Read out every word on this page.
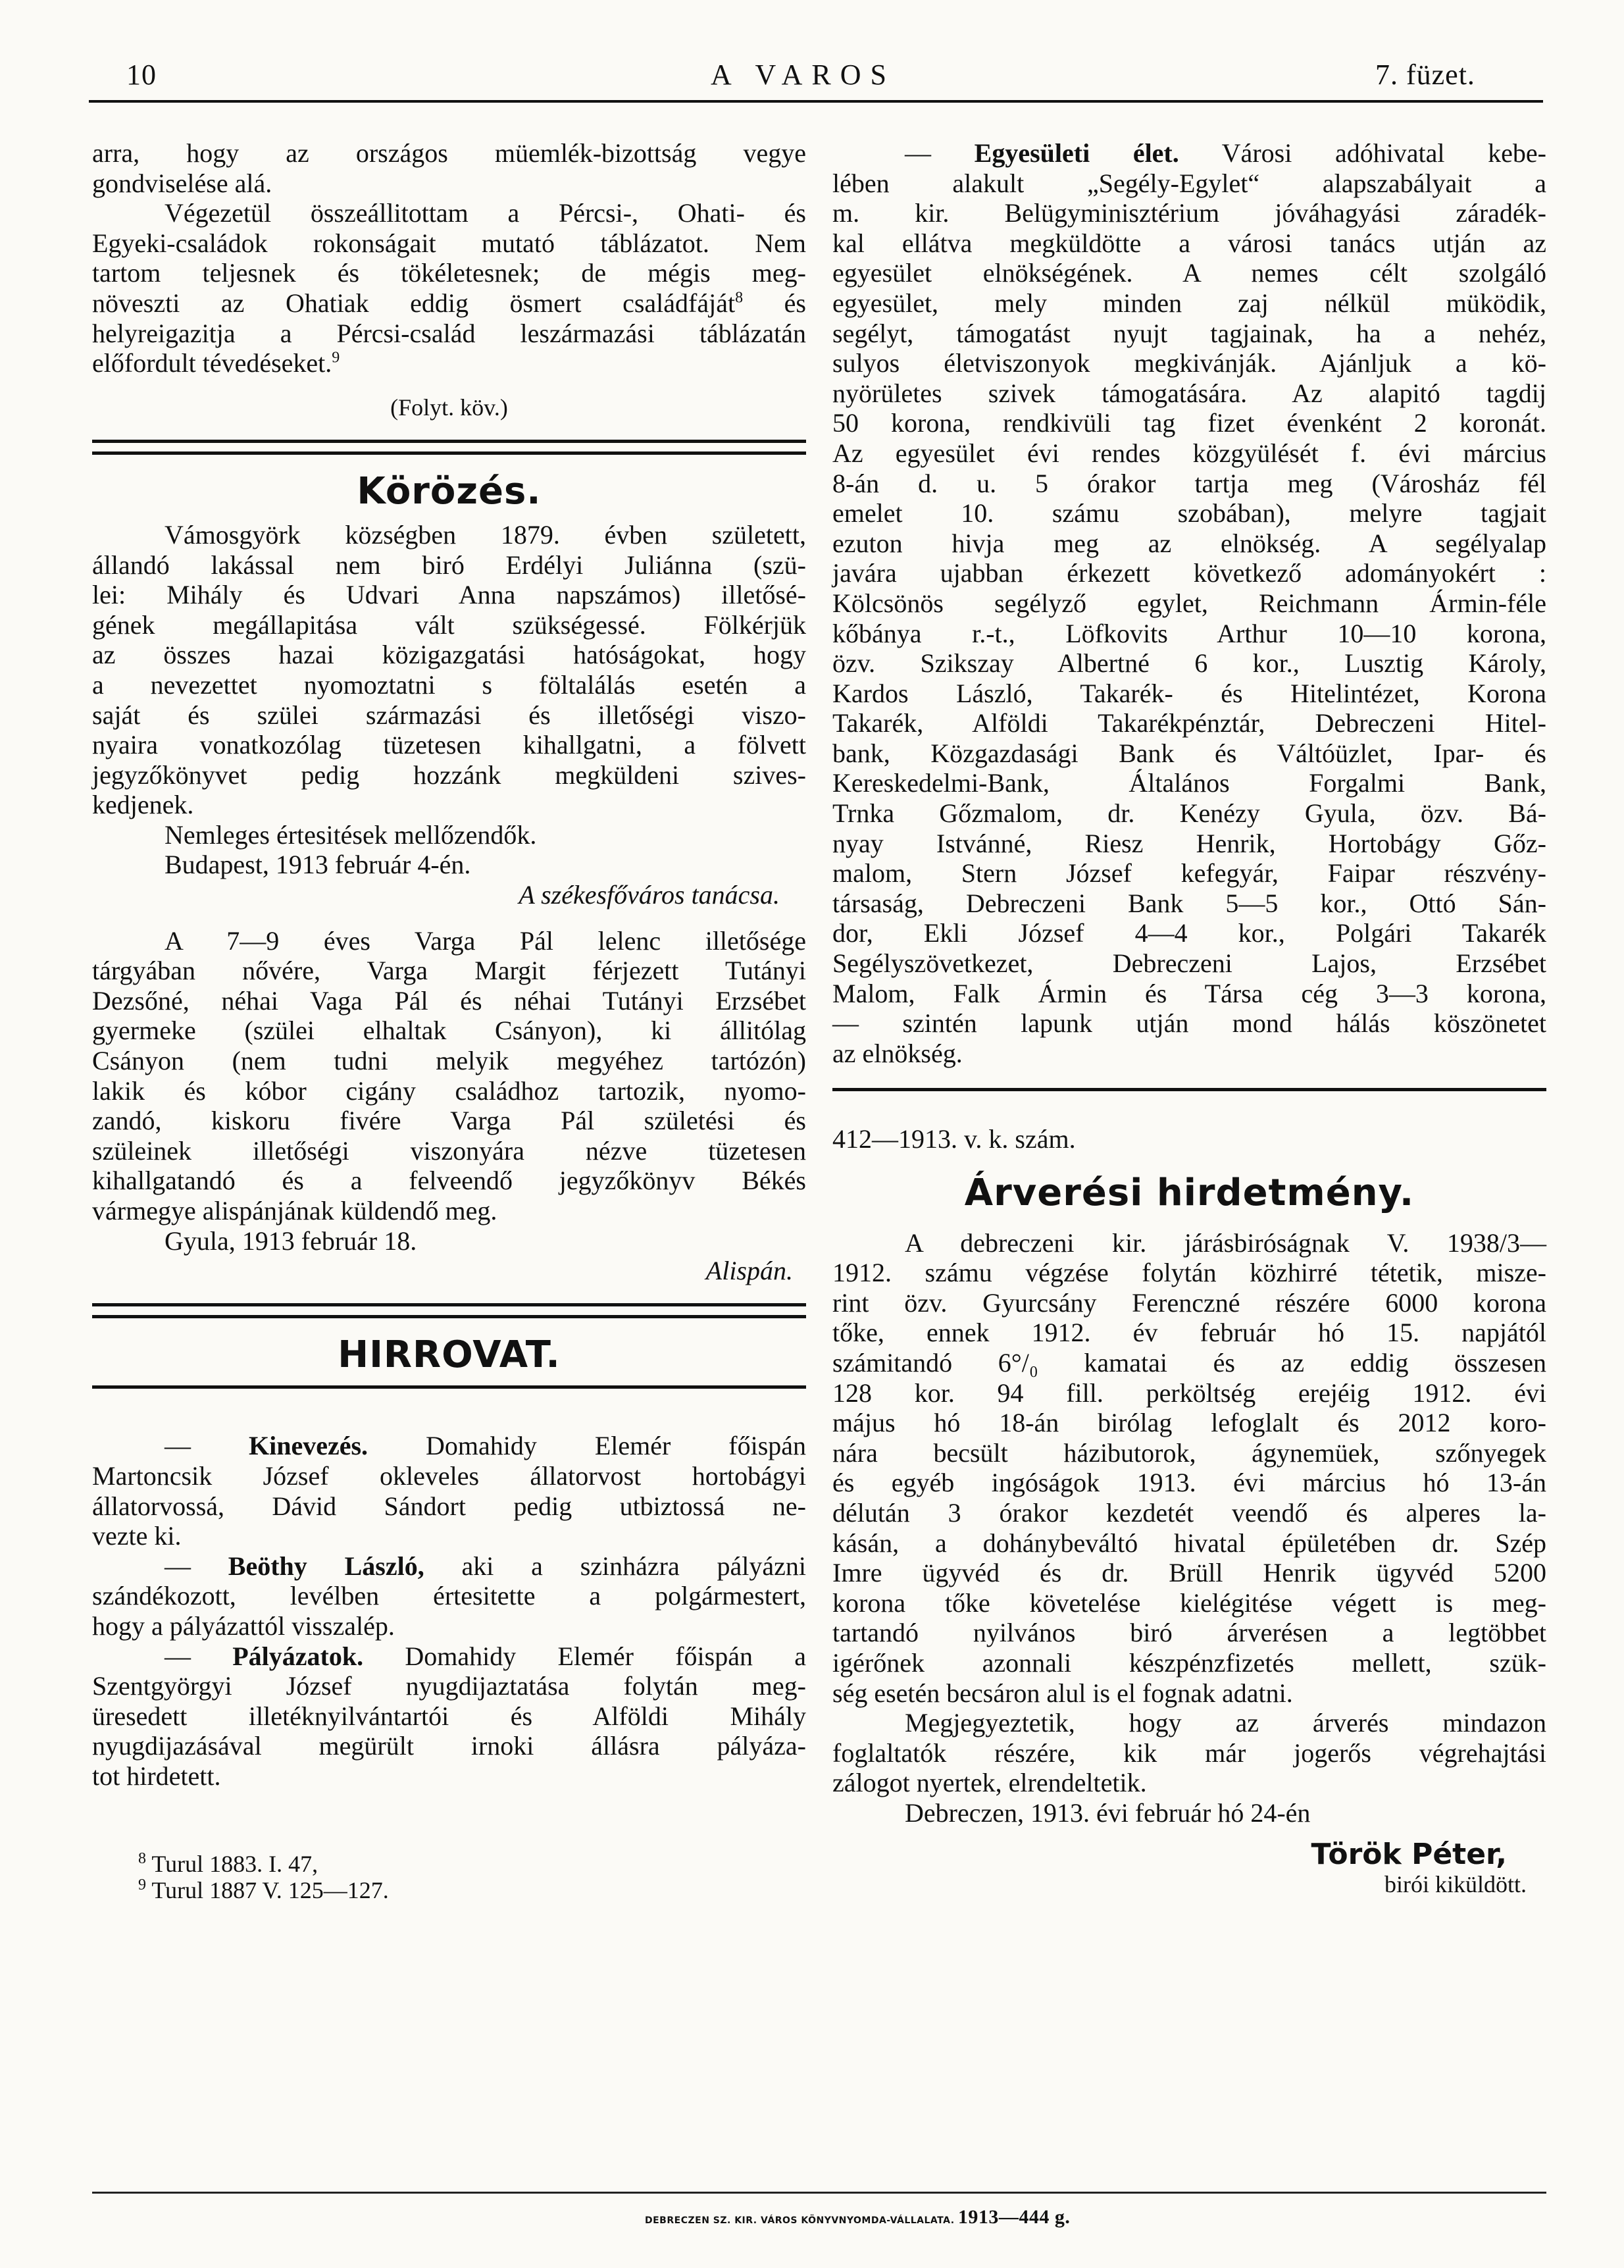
10	A VAROS	7. füzet.
arra, hogy az országos müemlék-bizottság vegye
gondviselése alá.
Végezetül összeállitottam a Pércsi-, Ohati- és
Egyeki-családok rokonságait mutató táblázatot. Nem
tartom teljesnek és tökéletesnek; de mégis meg-
növeszti az Ohatiak eddig ösmert családfáját$^8$ és
helyreigazitja a Pércsi-család leszármazási táblázatán
előfordult tévedéseket.$^9$
(Folyt. köv.)
Körözés.
Vámosgyörk községben 1879. évben született,
állandó lakással nem biró Erdélyi Juliánna (szü-
lei: Mihály és Udvari Anna napszámos) illetősé-
gének megállapitása vált szükségessé. Fölkérjük
az összes hazai közigazgatási hatóságokat, hogy
a nevezettet nyomoztatni s föltalálás esetén a
saját és szülei származási és illetőségi viszo-
nyaira vonatkozólag tüzetesen kihallgatni, a fölvett
jegyzőkönyvet pedig hozzánk megküldeni szives-
kedjenek.
Nemleges értesitések mellőzendők.
Budapest, 1913 február 4-én.
A székesfőváros tanácsa.
A 7—9 éves Varga Pál lelenc illetősége
tárgyában nővére, Varga Margit férjezett Tutányi
Dezsőné, néhai Vaga Pál és néhai Tutányi Erzsébet
gyermeke (szülei elhaltak Csányon), ki állitólag
Csányon (nem tudni melyik megyéhez tartózón)
lakik és kóbor cigány családhoz tartozik, nyomo-
zandó, kiskoru fivére Varga Pál születési és
szüleinek illetőségi viszonyára nézve tüzetesen
kihallgatandó és a felveendő jegyzőkönyv Békés
vármegye alispánjának küldendő meg.
Gyula, 1913 február 18.
Alispán.
HIRROVAT.
— Kinevezés. Domahidy Elemér főispán
Martoncsik József okleveles állatorvost hortobágyi
állatorvossá, Dávid Sándort pedig utbiztossá ne-
vezte ki.
— Beöthy László, aki a szinházra pályázni
szándékozott, levélben értesitette a polgármestert,
hogy a pályázattól visszalép.
— Pályázatok. Domahidy Elemér főispán a
Szentgyörgyi József nyugdijaztatása folytán meg-
üresedett illetéknyilvántartói és Alföldi Mihály
nyugdijazásával megürült irnoki állásra pályáza-
tot hirdetett.
$^8$ Turul 1883. I. 47,
$^9$ Turul 1887 V. 125—127.
— Egyesületi élet. Városi adóhivatal kebe-
lében alakult „Segély-Egylet“ alapszabályait a
m. kir. Belügyminisztérium jóváhagyási záradék-
kal ellátva megküldötte a városi tanács utján az
egyesület elnökségének. A nemes célt szolgáló
egyesület, mely minden zaj nélkül müködik,
segélyt, támogatást nyujt tagjainak, ha a nehéz,
sulyos életviszonyok megkivánják. Ajánljuk a kö-
nyörületes szivek támogatására. Az alapitó tagdij
50 korona, rendkivüli tag fizet évenként 2 koronát.
Az egyesület évi rendes közgyülését f. évi március
8-án d. u. 5 órakor tartja meg (Városház fél
emelet 10. számu szobában), melyre tagjait
ezuton hivja meg az elnökség. A segélyalap
javára ujabban érkezett következő adományokért :
Kölcsönös segélyző egylet, Reichmann Ármin-féle
kőbánya r.-t., Löfkovits Arthur 10—10 korona,
özv. Szikszay Albertné 6 kor., Lusztig Károly,
Kardos László, Takarék- és Hitelintézet, Korona
Takarék, Alföldi Takarékpénztár, Debreczeni Hitel-
bank, Közgazdasági Bank és Váltóüzlet, Ipar- és
Kereskedelmi-Bank, Általános Forgalmi Bank,
Trnka Gőzmalom, dr. Kenézy Gyula, özv. Bá-
nyay Istvánné, Riesz Henrik, Hortobágy Gőz-
malom, Stern József kefegyár, Faipar részvény-
társaság, Debreczeni Bank 5—5 kor., Ottó Sán-
dor, Ekli József 4—4 kor., Polgári Takarék
Segélyszövetkezet, Debreczeni Lajos, Erzsébet
Malom, Falk Ármin és Társa cég 3—3 korona,
— szintén lapunk utján mond hálás köszönetet
az elnökség.
412—1913. v. k. szám.
Árverési hirdetmény.
A debreczeni kir. járásbiróságnak V. 1938/3—
1912. számu végzése folytán közhirré tétetik, misze-
rint özv. Gyurcsány Ferenczné részére 6000 korona
tőke, ennek 1912. év február hó 15. napjától
számitandó 6°/₀ kamatai és az eddig összesen
128 kor. 94 fill. perköltség erejéig 1912. évi
május hó 18-án birólag lefoglalt és 2012 koro-
nára becsült házibutorok, ágynemüek, szőnyegek
és egyéb ingóságok 1913. évi március hó 13-án
délután 3 órakor kezdetét veendő és alperes la-
kásán, a dohánybeváltó hivatal épületében dr. Szép
Imre ügyvéd és dr. Brüll Henrik ügyvéd 5200
korona tőke követelése kielégitése végett is meg-
tartandó nyilvános biró árverésen a legtöbbet
igérőnek azonnali készpénzfizetés mellett, szük-
ség esetén becsáron alul is el fognak adatni.
Megjegyeztetik, hogy az árverés mindazon
foglaltatók részére, kik már jogerős végrehajtási
zálogot nyertek, elrendeltetik.
Debreczen, 1913. évi február hó 24-én
Török Péter,
birói kiküldött.
DEBRECZEN SZ. KIR. VÁROS KÖNYVNYOMDA-VÁLLALATA. 1913—444 g.
